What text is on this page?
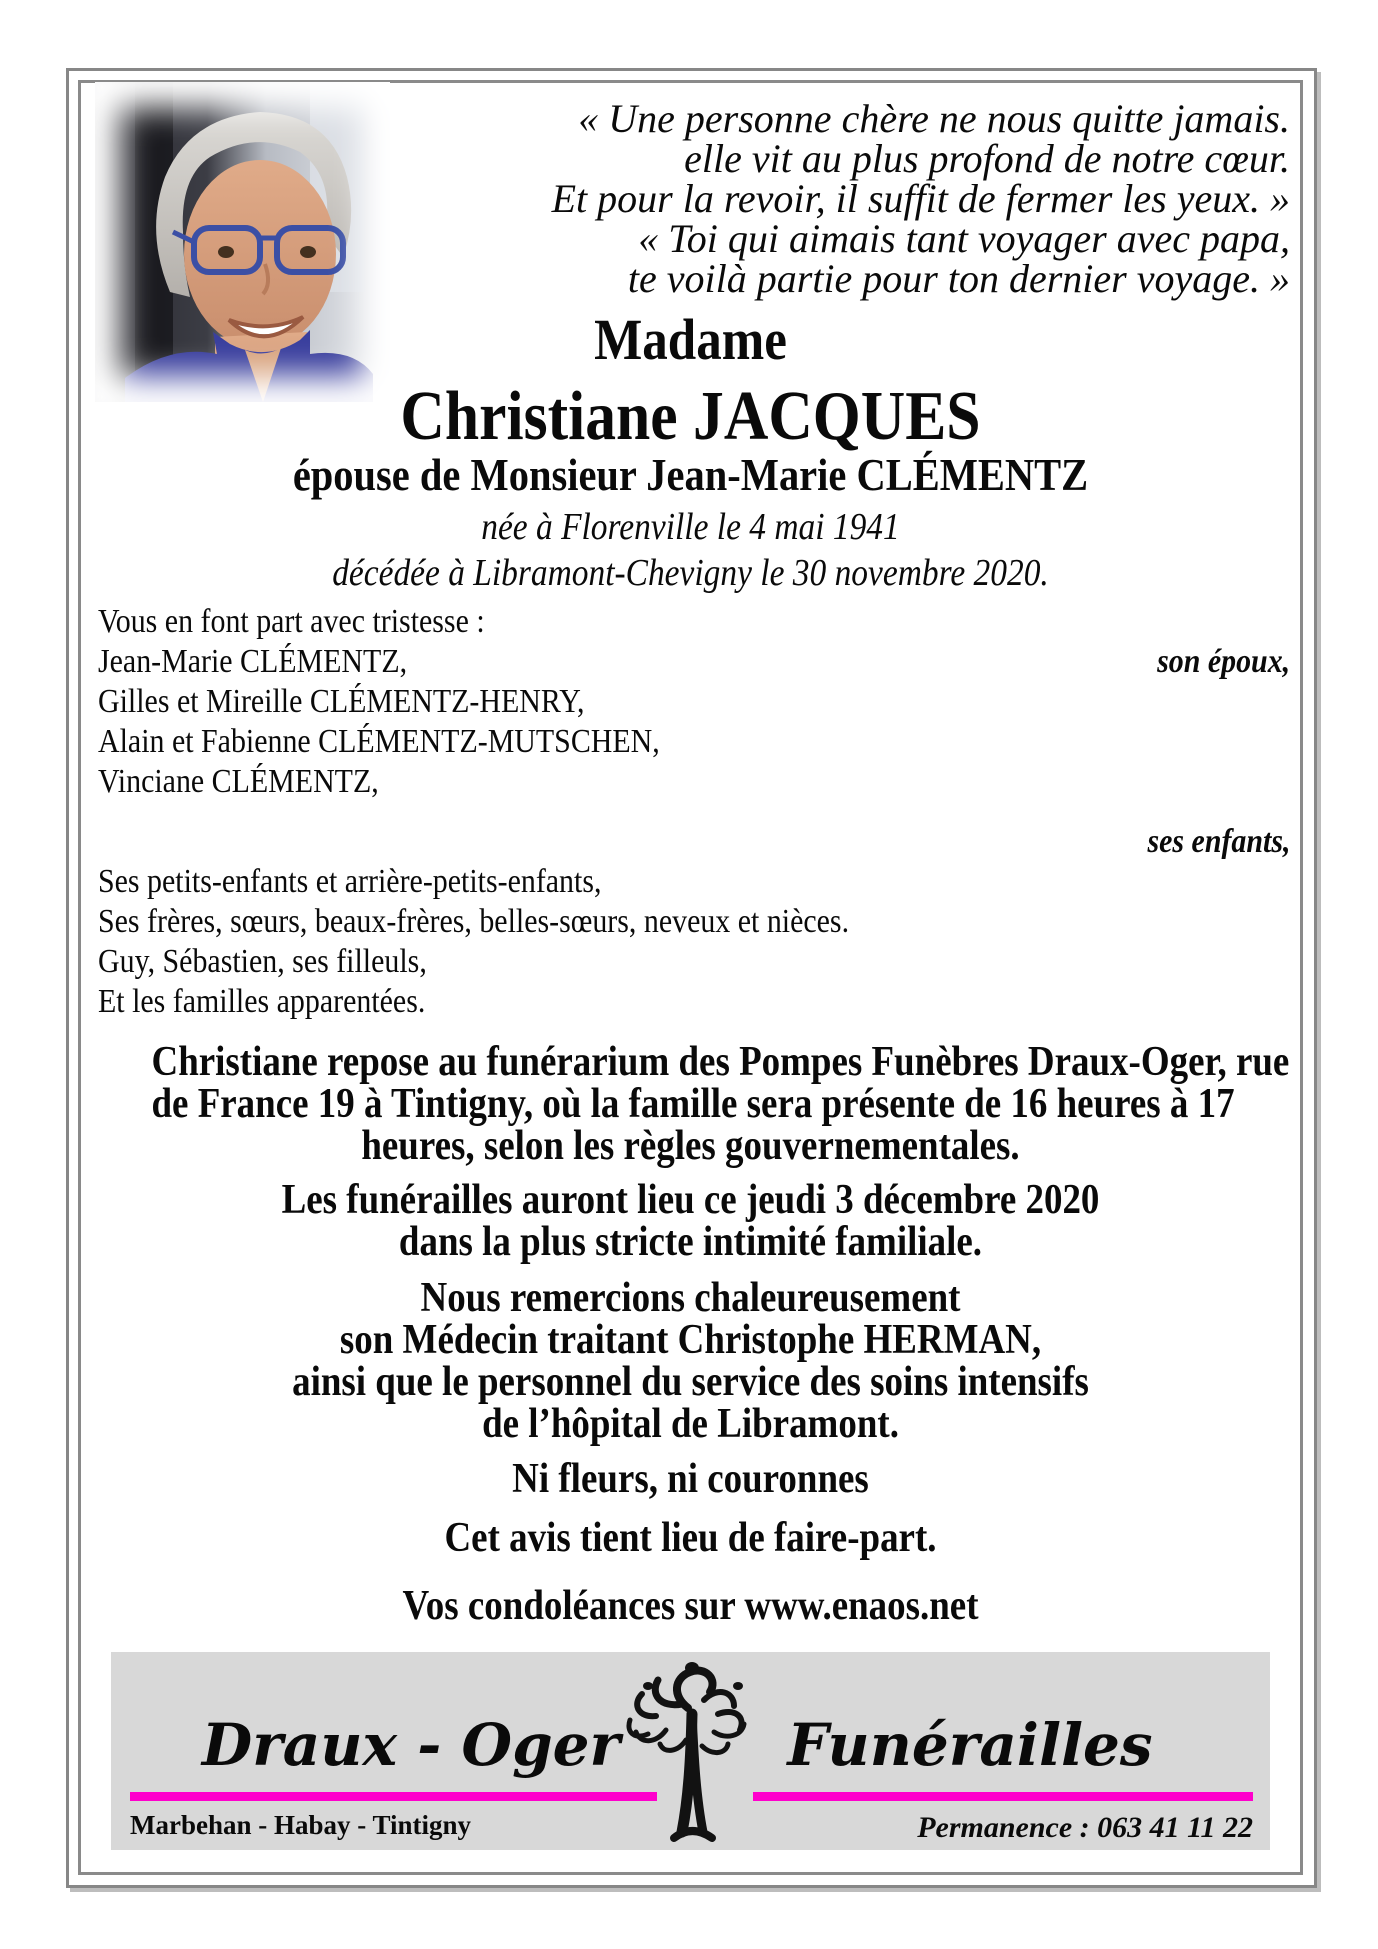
« Une personne chère ne nous quitte jamais.
elle vit au plus profond de notre cœur.
Et pour la revoir, il suffit de fermer les yeux. »
« Toi qui aimais tant voyager avec papa,
te voilà partie pour ton dernier voyage. »
Madame
Christiane JACQUES
épouse de Monsieur Jean-Marie CLÉMENTZ
née à Florenville le 4 mai 1941
décédée à Libramont-Chevigny le 30 novembre 2020.
Vous en font part avec tristesse :
Jean-Marie CLÉMENTZ,	son époux,
Gilles et Mireille CLÉMENTZ-HENRY,
Alain et Fabienne CLÉMENTZ-MUTSCHEN,
Vinciane CLÉMENTZ,
ses enfants,
Ses petits-enfants et arrière-petits-enfants,
Ses frères, sœurs, beaux-frères, belles-sœurs, neveux et nièces.
Guy, Sébastien, ses filleuls,
Et les familles apparentées.
Christiane repose au funérarium des Pompes Funèbres Draux-Oger, rue
de France 19 à Tintigny, où la famille sera présente de 16 heures à 17
heures, selon les règles gouvernementales.
Les funérailles auront lieu ce jeudi 3 décembre 2020
dans la plus stricte intimité familiale.
Nous remercions chaleureusement
son Médecin traitant Christophe HERMAN,
ainsi que le personnel du service des soins intensifs
de l’hôpital de Libramont.
Ni fleurs, ni couronnes
Cet avis tient lieu de faire-part.
Vos condoléances sur www.enaos.net
Draux - Oger	Funérailles
Marbehan - Habay - Tintigny	Permanence : 063 41 11 22
